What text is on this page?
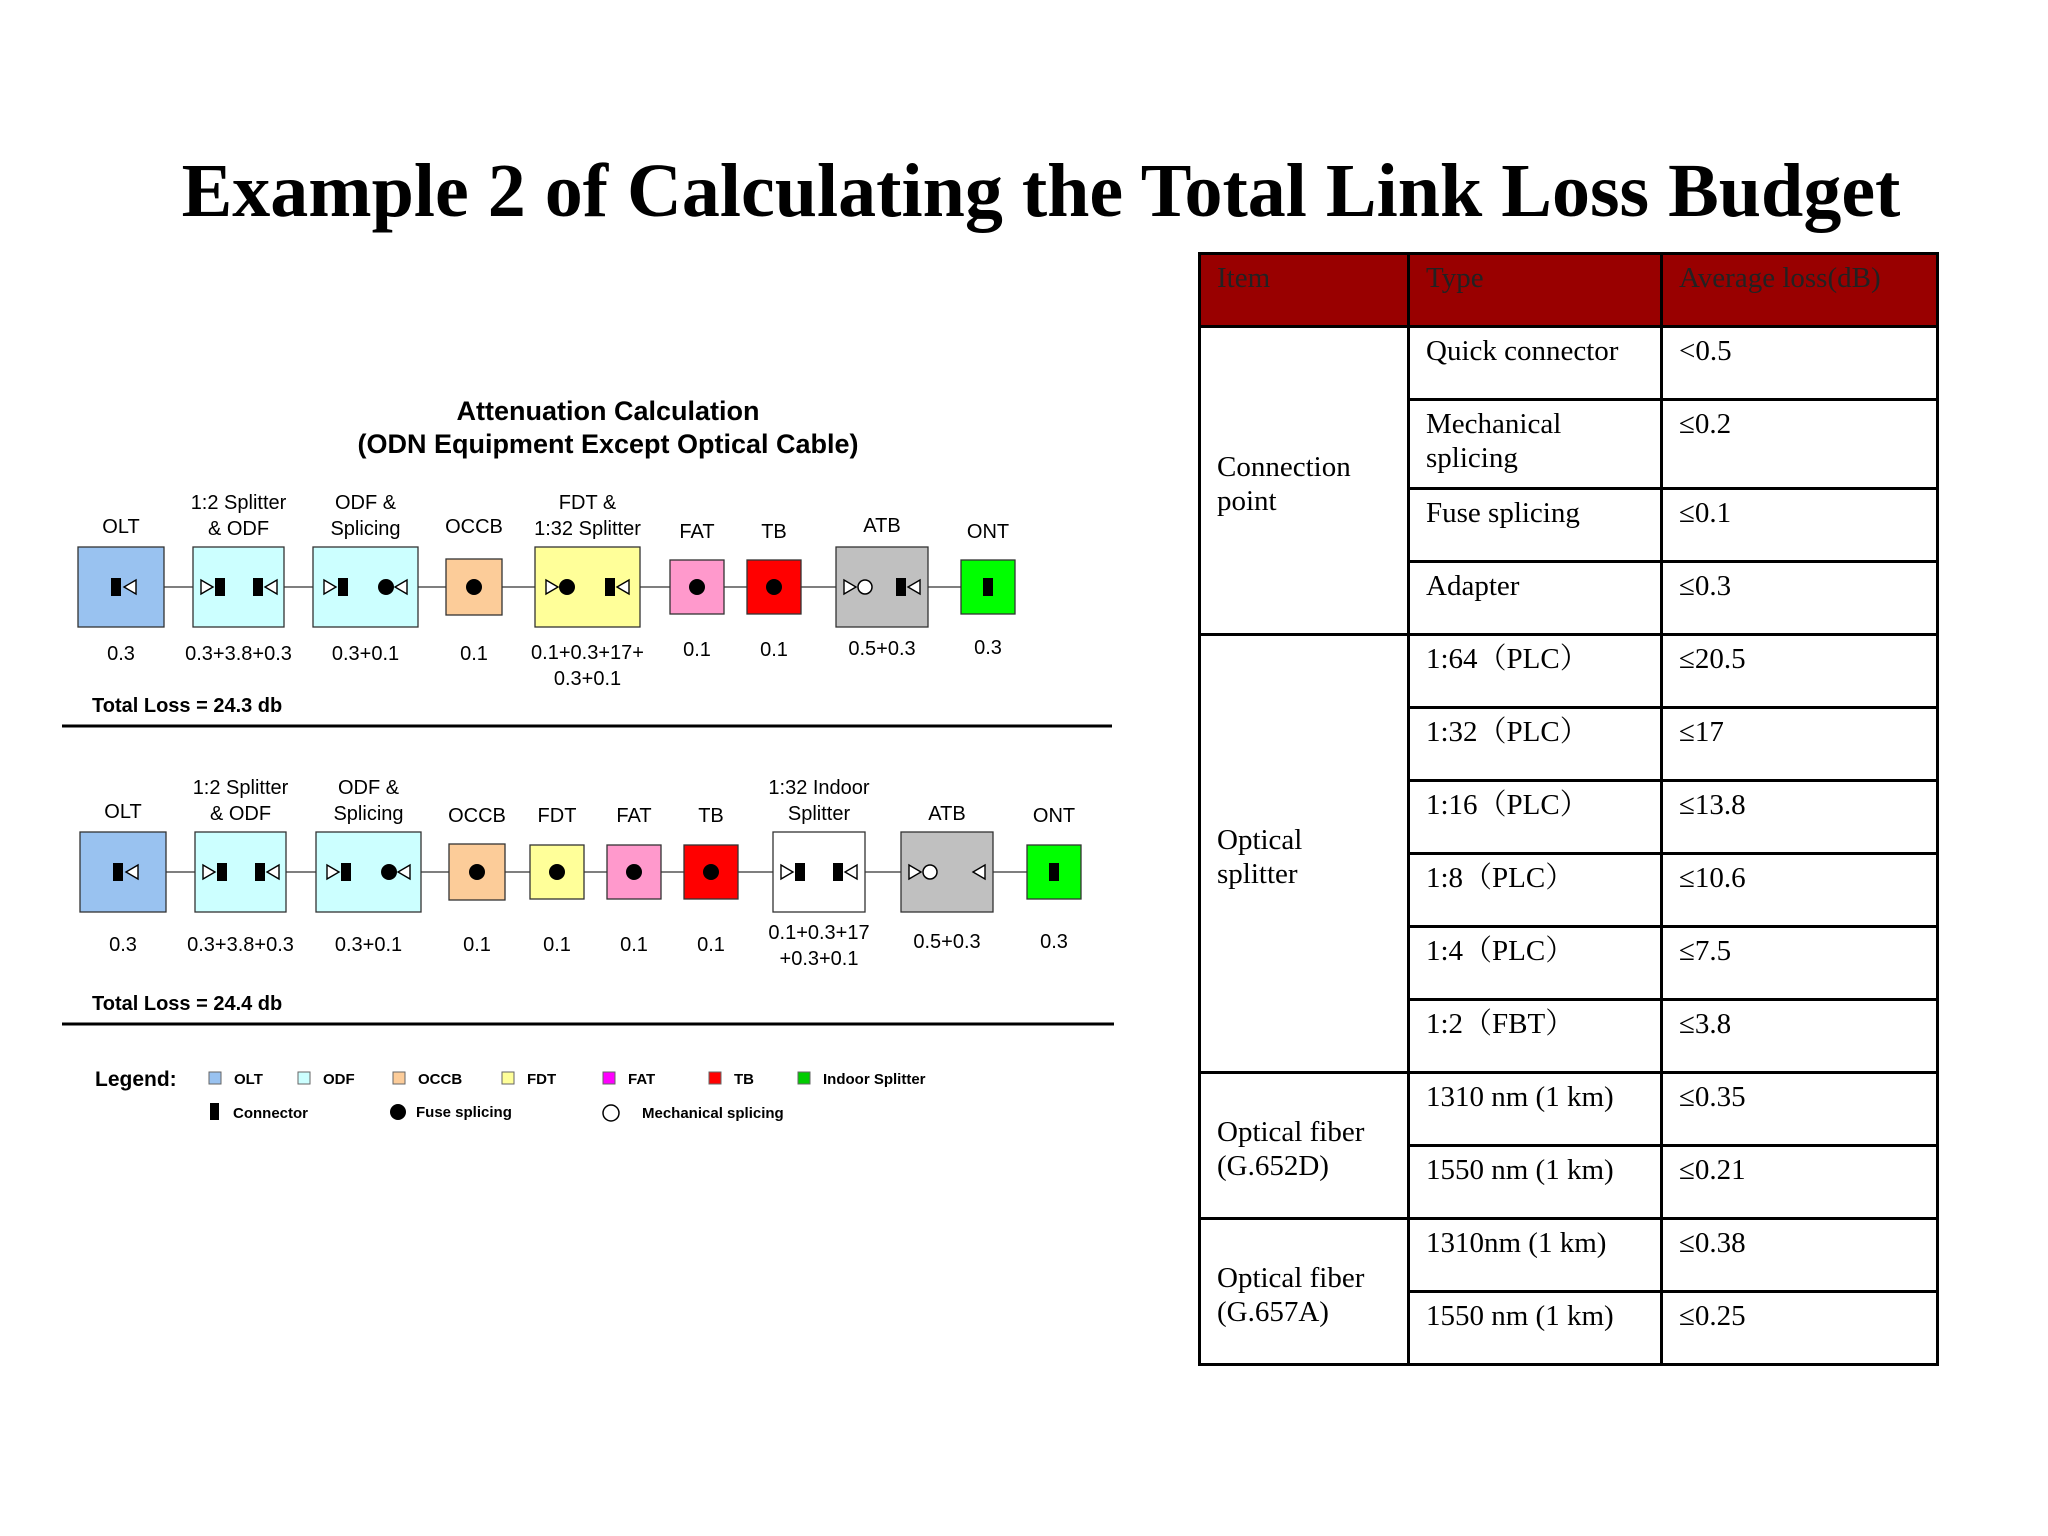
Example 2 of Calculating the Total Link Loss Budget
Attenuation Calculation
(ODN Equipment Except Optical Cable)
OLT
0.3
1:2 Splitter
& ODF
0.3+3.8+0.3
ODF &
Splicing
0.3+0.1
OCCB
0.1
FDT &
1:32 Splitter
0.1+0.3+17+
0.3+0.1
FAT
0.1
TB
0.1
ATB
0.5+0.3
ONT
0.3
Total Loss = 24.3 db
OLT
0.3
1:2 Splitter
& ODF
0.3+3.8+0.3
ODF &
Splicing
0.3+0.1
OCCB
0.1
FDT
0.1
FAT
0.1
TB
0.1
1:32 Indoor
Splitter
0.1+0.3+17
+0.3+0.1
ATB
0.5+0.3
ONT
0.3
Total Loss = 24.4 db
Legend:	OLT	ODF	OCCB	FDT	FAT	TB	Indoor Splitter
Connector	Fuse splicing	Mechanical splicing
Item	Type	Average loss(dB)

Connection
point	Quick connector	<0.5

	Mechanical
splicing	≤0.2

	Fuse splicing	≤0.1

	Adapter	≤0.3

Optical
splitter	1:64（PLC）	≤20.5

	1:32（PLC）	≤17

	1:16（PLC）	≤13.8

	1:8（PLC）	≤10.6

	1:4（PLC）	≤7.5

	1:2（FBT）	≤3.8

Optical fiber
(G.652D)	1310 nm (1 km)	≤0.35

	1550 nm (1 km)	≤0.21

Optical fiber
(G.657A)	1310nm (1 km)	≤0.38

	1550 nm (1 km)	≤0.25
